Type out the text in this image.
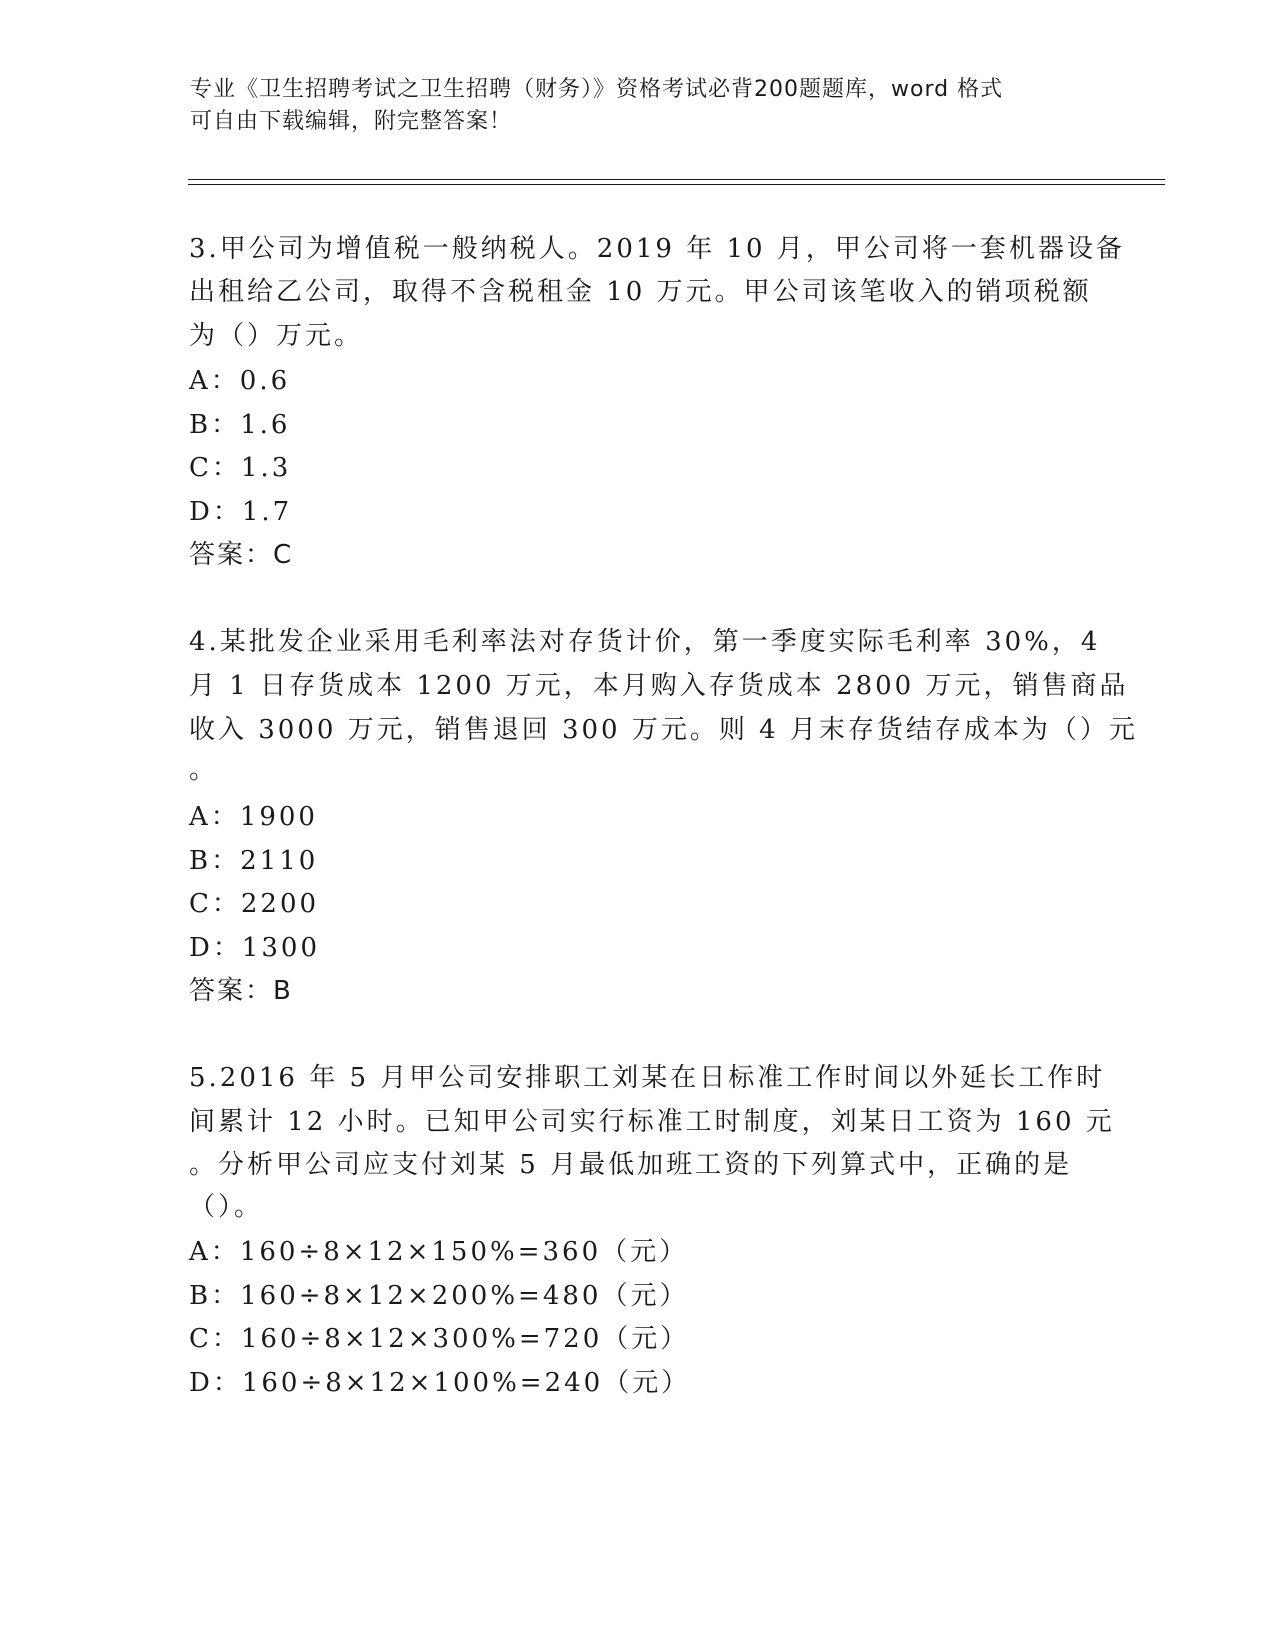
专业《卫生招聘考试之卫生招聘（财务）》资格考试必背200题题库，word 格式
可自由下载编辑，附完整答案！
3.甲公司为增值税一般纳税人。2019 年 10 月，甲公司将一套机器设备
出租给乙公司，取得不含税租金 10 万元。甲公司该笔收入的销项税额
为（）万元。
A：0.6
B：1.6
C：1.3
D：1.7
答案：C
4.某批发企业采用毛利率法对存货计价，第一季度实际毛利率 30%，4
月 1 日存货成本 1200 万元，本月购入存货成本 2800 万元，销售商品
收入 3000 万元，销售退回 300 万元。则 4 月末存货结存成本为（）元
。
A：1900
B：2110
C：2200
D：1300
答案：B
5.2016 年 5 月甲公司安排职工刘某在日标准工作时间以外延长工作时
间累计 12 小时。已知甲公司实行标准工时制度，刘某日工资为 160 元
。分析甲公司应支付刘某 5 月最低加班工资的下列算式中，正确的是
（）。
A：160÷8×12×150%=360（元）
B：160÷8×12×200%=480（元）
C：160÷8×12×300%=720（元）
D：160÷8×12×100%=240（元）
